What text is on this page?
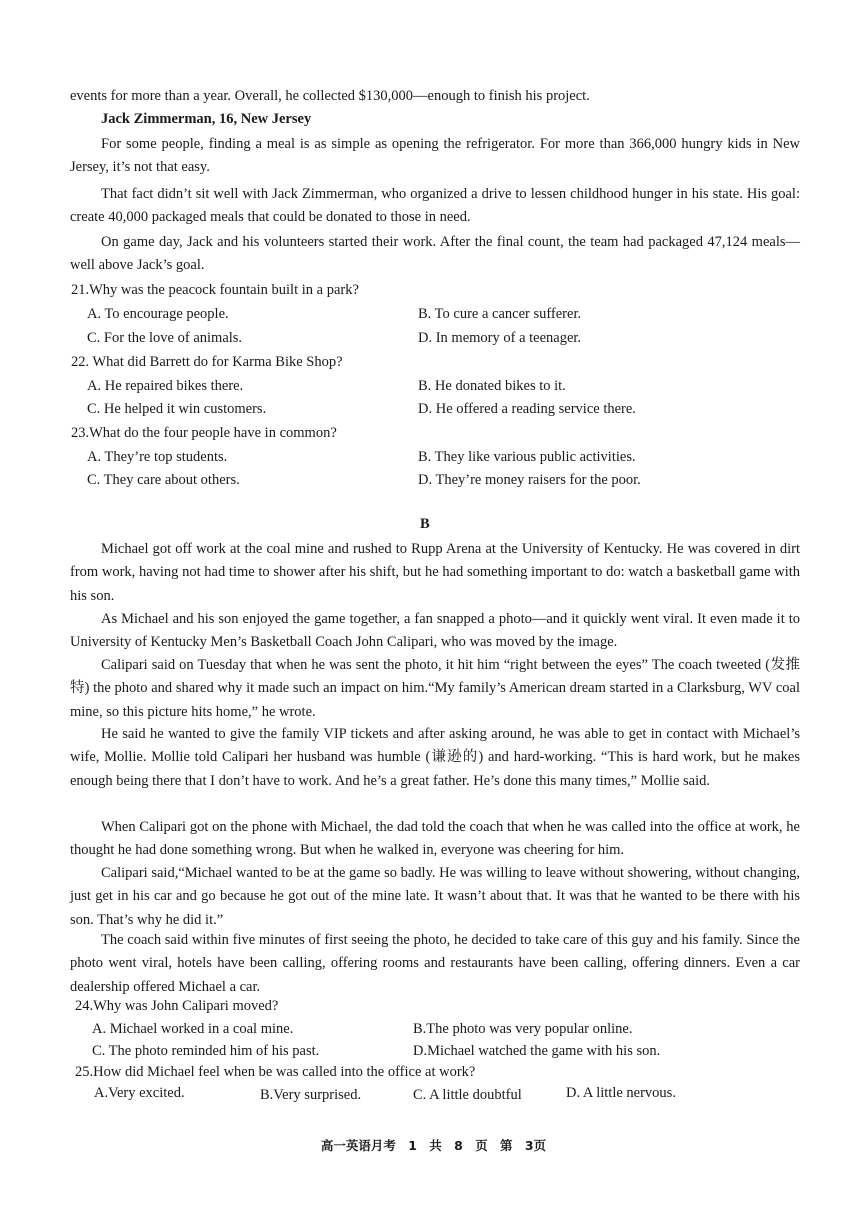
events for more than a year. Overall, he collected $130,000—enough to finish his project.

Jack Zimmerman, 16, New Jersey

For some people, finding a meal is as simple as opening the refrigerator. For more than 366,000 hungry kids in New Jersey, it’s not that easy.

That fact didn’t sit well with Jack Zimmerman, who organized a drive to lessen childhood hunger in his state. His goal: create 40,000 packaged meals that could be donated to those in need.

On game day, Jack and his volunteers started their work. After the final count, the team had packaged 47,124 meals—well above Jack’s goal.

21.Why was the peacock fountain built in a park?

A. To encourage people.	B. To cure a cancer sufferer.

C. For the love of animals.	D. In memory of a teenager.

22. What did Barrett do for Karma Bike Shop?

A. He repaired bikes there.	B. He donated bikes to it.

C. He helped it win customers.	D. He offered a reading service there.

23.What do the four people have in common?

A. They’re top students.	B. They like various public activities.

C. They care about others.	D. They’re money raisers for the poor.

B

Michael got off work at the coal mine and rushed to Rupp Arena at the University of Kentucky. He was covered in dirt from work, having not had time to shower after his shift, but he had something important to do: watch a basketball game with his son.

As Michael and his son enjoyed the game together, a fan snapped a photo—and it quickly went viral. It even made it to University of Kentucky Men’s Basketball Coach John Calipari, who was moved by the image.

Calipari said on Tuesday that when he was sent the photo, it hit him “right between the eyes” The coach tweeted (发推特) the photo and shared why it made such an impact on him.“My family’s American dream started in a Clarksburg, WV coal mine, so this picture hits home,” he wrote.

He said he wanted to give the family VIP tickets and after asking around, he was able to get in contact with Michael’s wife, Mollie. Mollie told Calipari her husband was humble (谦逊的) and hard-working. “This is hard work, but he makes enough being there that I don’t have to work. And he’s a great father. He’s done this many times,” Mollie said.

When Calipari got on the phone with Michael, the dad told the coach that when he was called into the office at work, he thought he had done something wrong. But when he walked in, everyone was cheering for him.

Calipari said,“Michael wanted to be at the game so badly. He was willing to leave without showering, without changing, just get in his car and go because he got out of the mine late. It wasn’t about that. It was that he wanted to be there with his son. That’s why he did it.”

The coach said within five minutes of first seeing the photo, he decided to take care of this guy and his family. Since the photo went viral, hotels have been calling, offering rooms and restaurants have been calling, offering dinners. Even a car dealership offered Michael a car.

24.Why was John Calipari moved?

A. Michael worked in a coal mine.	B.The photo was very popular online.

C. The photo reminded him of his past.	D.Michael watched the game with his son.

25.How did Michael feel when be was called into the office at work?

A.Very excited.	B.Very surprised.	C. A little doubtful	D. A little nervous.

高一英语月考 1 共 8 页 第 3页
